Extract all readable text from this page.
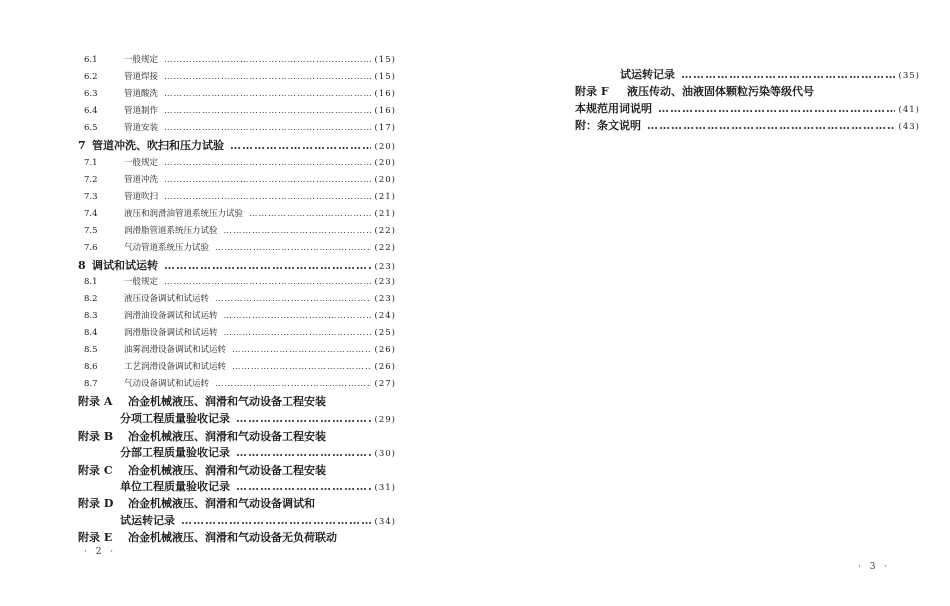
6.1	一般规定 ……………………………………………………………………………………………………………………………………………………………………	(15)
6.2	管道焊接 ……………………………………………………………………………………………………………………………………………………………………	(15)
6.3	管道酸洗 ……………………………………………………………………………………………………………………………………………………………………	(16)
6.4	管道制作 ……………………………………………………………………………………………………………………………………………………………………	(16)
6.5	管道安装 ……………………………………………………………………………………………………………………………………………………………………	(17)
7 管道冲洗、吹扫和压力试验 ……………………………………………………………………………………………………………………………………………………………………	(20)
7.1	一般规定 ……………………………………………………………………………………………………………………………………………………………………	(20)
7.2	管道冲洗 ……………………………………………………………………………………………………………………………………………………………………	(20)
7.3	管道吹扫 ……………………………………………………………………………………………………………………………………………………………………	(21)
7.4	液压和润滑油管道系统压力试验 ……………………………………………………………………………………………………………………………………………………………………	(21)
7.5	润滑脂管道系统压力试验 ……………………………………………………………………………………………………………………………………………………………………	(22)
7.6	气动管道系统压力试验 ……………………………………………………………………………………………………………………………………………………………………	(22)
8 调试和试运转 ……………………………………………………………………………………………………………………………………………………………………	(23)
8.1	一般规定 ……………………………………………………………………………………………………………………………………………………………………	(23)
8.2	液压设备调试和试运转 ……………………………………………………………………………………………………………………………………………………………………	(23)
8.3	润滑油设备调试和试运转 ……………………………………………………………………………………………………………………………………………………………………	(24)
8.4	润滑脂设备调试和试运转 ……………………………………………………………………………………………………………………………………………………………………	(25)
8.5	油雾润滑设备调试和试运转 ……………………………………………………………………………………………………………………………………………………………………	(26)
8.6	工艺润滑设备调试和试运转 ……………………………………………………………………………………………………………………………………………………………………	(26)
8.7	气动设备调试和试运转 ……………………………………………………………………………………………………………………………………………………………………	(27)
附录 A	冶金机械液压、润滑和气动设备工程安装
分项工程质量验收记录 ……………………………………………………………………………………………………………………………………………………………………	(29)
附录 B	冶金机械液压、润滑和气动设备工程安装
分部工程质量验收记录 ……………………………………………………………………………………………………………………………………………………………………	(30)
附录 C	冶金机械液压、润滑和气动设备工程安装
单位工程质量验收记录 ……………………………………………………………………………………………………………………………………………………………………	(31)
附录 D	冶金机械液压、润滑和气动设备调试和
试运转记录 ……………………………………………………………………………………………………………………………………………………………………	(34)
附录 E	冶金机械液压、润滑和气动设备无负荷联动
· 2 ·
试运转记录 ……………………………………………………………………………………………………………………………………………………………………	(35)
附录 F	液压传动、油液固体颗粒污染等级代号
本规范用词说明 ……………………………………………………………………………………………………………………………………………………………………	(41)
附：条文说明 ……………………………………………………………………………………………………………………………………………………………………	(43)
· 3 ·
